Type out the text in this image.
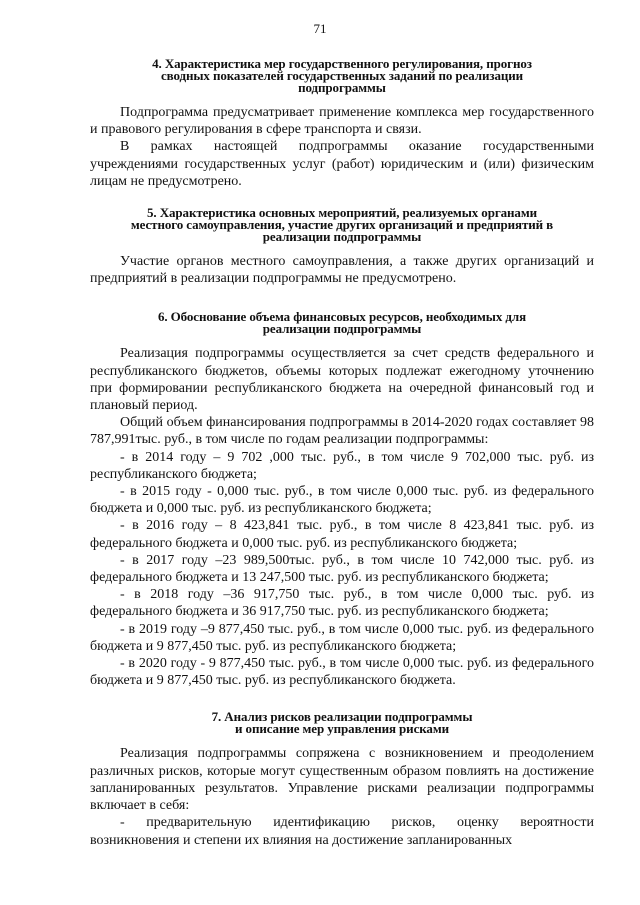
71
4. Характеристика мер государственного регулирования, прогноз
сводных показателей государственных заданий по реализации
подпрограммы

Подпрограмма предусматривает применение комплекса мер государственного и правового регулирования в сфере транспорта и связи.

В рамках настоящей подпрограммы оказание государственными учреждениями государственных услуг (работ) юридическим и (или) физическим лицам не предусмотрено.

5. Характеристика основных мероприятий, реализуемых органами
местного самоуправления, участие других организаций и предприятий в
реализации подпрограммы

Участие органов местного самоуправления, а также других организаций и предприятий в реализации подпрограммы не предусмотрено.

6. Обоснование объема финансовых ресурсов, необходимых для
реализации подпрограммы

Реализация подпрограммы осуществляется за счет средств федерального и республиканского бюджетов, объемы которых подлежат ежегодному уточнению при формировании республиканского бюджета на очередной финансовый год и плановый период.

Общий объем финансирования подпрограммы в 2014-2020 годах составляет 98 787,991тыс. руб., в том числе по годам реализации подпрограммы:

- в 2014 году – 9 702 ,000 тыс. руб., в том числе 9 702,000 тыс. руб. из республиканского бюджета;

- в 2015 году - 0,000 тыс. руб., в том числе 0,000 тыс. руб. из федерального бюджета и 0,000 тыс. руб. из республиканского бюджета;

- в 2016 году – 8 423,841 тыс. руб., в том числе 8 423,841 тыс. руб. из федерального бюджета и 0,000 тыс. руб. из республиканского бюджета;

- в 2017 году –23 989,500тыс. руб., в том числе 10 742,000 тыс. руб. из федерального бюджета и 13 247,500 тыс. руб. из республиканского бюджета;

- в 2018 году –36 917,750 тыс. руб., в том числе 0,000 тыс. руб. из федерального бюджета и 36 917,750 тыс. руб. из республиканского бюджета;

- в 2019 году –9 877,450 тыс. руб., в том числе 0,000 тыс. руб. из федерального бюджета и 9 877,450 тыс. руб. из республиканского бюджета;

- в 2020 году - 9 877,450 тыс. руб., в том числе 0,000 тыс. руб. из федерального бюджета и 9 877,450 тыс. руб. из республиканского бюджета.

7. Анализ рисков реализации подпрограммы
и описание мер управления рисками

Реализация подпрограммы сопряжена с возникновением и преодолением различных рисков, которые могут существенным образом повлиять на достижение запланированных результатов. Управление рисками реализации подпрограммы включает в себя:

- предварительную идентификацию рисков, оценку вероятности возникновения и степени их влияния на достижение запланированных
